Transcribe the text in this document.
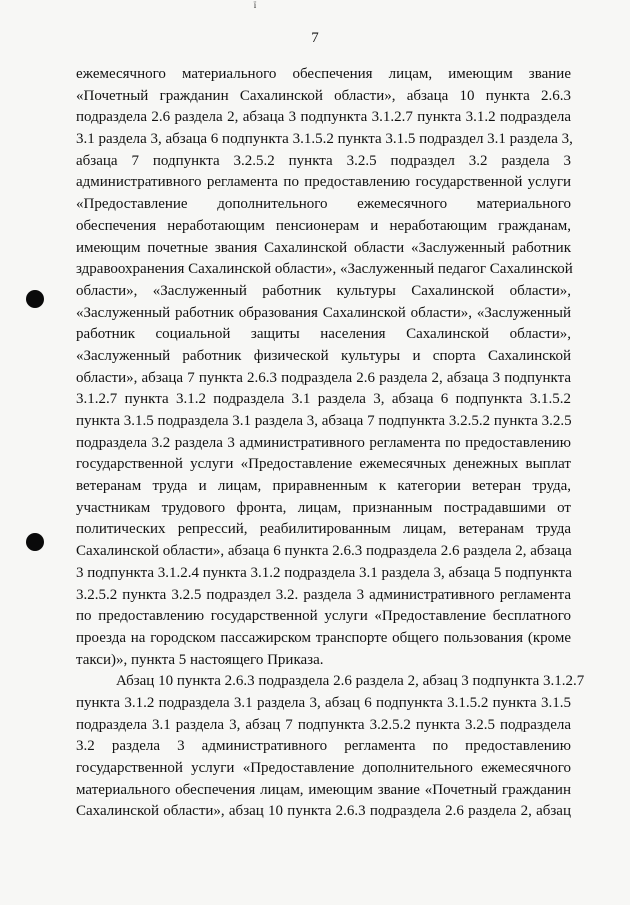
ï
7
ежемесячного материального обеспечения лицам, имеющим звание
«Почетный гражданин Сахалинской области», абзаца 10 пункта 2.6.3
подраздела 2.6 раздела 2, абзаца 3 подпункта 3.1.2.7 пункта 3.1.2 подраздела
3.1 раздела 3, абзаца 6 подпункта 3.1.5.2 пункта 3.1.5 подраздел 3.1 раздела 3,
абзаца 7 подпункта 3.2.5.2 пункта 3.2.5 подраздел 3.2 раздела 3
административного регламента по предоставлению государственной услуги
«Предоставление дополнительного ежемесячного материального
обеспечения неработающим пенсионерам и неработающим гражданам,
имеющим почетные звания Сахалинской области «Заслуженный работник
здравоохранения Сахалинской области», «Заслуженный педагог Сахалинской
области», «Заслуженный работник культуры Сахалинской области»,
«Заслуженный работник образования Сахалинской области», «Заслуженный
работник социальной защиты населения Сахалинской области»,
«Заслуженный работник физической культуры и спорта Сахалинской
области», абзаца 7 пункта 2.6.3 подраздела 2.6 раздела 2, абзаца 3 подпункта
3.1.2.7 пункта 3.1.2 подраздела 3.1 раздела 3, абзаца 6 подпункта 3.1.5.2
пункта 3.1.5 подраздела 3.1 раздела 3, абзаца 7 подпункта 3.2.5.2 пункта 3.2.5
подраздела 3.2 раздела 3 административного регламента по предоставлению
государственной услуги «Предоставление ежемесячных денежных выплат
ветеранам труда и лицам, приравненным к категории ветеран труда,
участникам трудового фронта, лицам, признанным пострадавшими от
политических репрессий, реабилитированным лицам, ветеранам труда
Сахалинской области», абзаца 6 пункта 2.6.3 подраздела 2.6 раздела 2, абзаца
3 подпункта 3.1.2.4 пункта 3.1.2 подраздела 3.1 раздела 3, абзаца 5 подпункта
3.2.5.2 пункта 3.2.5 подраздел 3.2. раздела 3 административного регламента
по предоставлению государственной услуги «Предоставление бесплатного
проезда на городском пассажирском транспорте общего пользования (кроме
такси)», пункта 5 настоящего Приказа.
Абзац 10 пункта 2.6.3 подраздела 2.6 раздела 2, абзац 3 подпункта 3.1.2.7
пункта 3.1.2 подраздела 3.1 раздела 3, абзац 6 подпункта 3.1.5.2 пункта 3.1.5
подраздела 3.1 раздела 3, абзац 7 подпункта 3.2.5.2 пункта 3.2.5 подраздела
3.2 раздела 3 административного регламента по предоставлению
государственной услуги «Предоставление дополнительного ежемесячного
материального обеспечения лицам, имеющим звание «Почетный гражданин
Сахалинской области», абзац 10 пункта 2.6.3 подраздела 2.6 раздела 2, абзац
